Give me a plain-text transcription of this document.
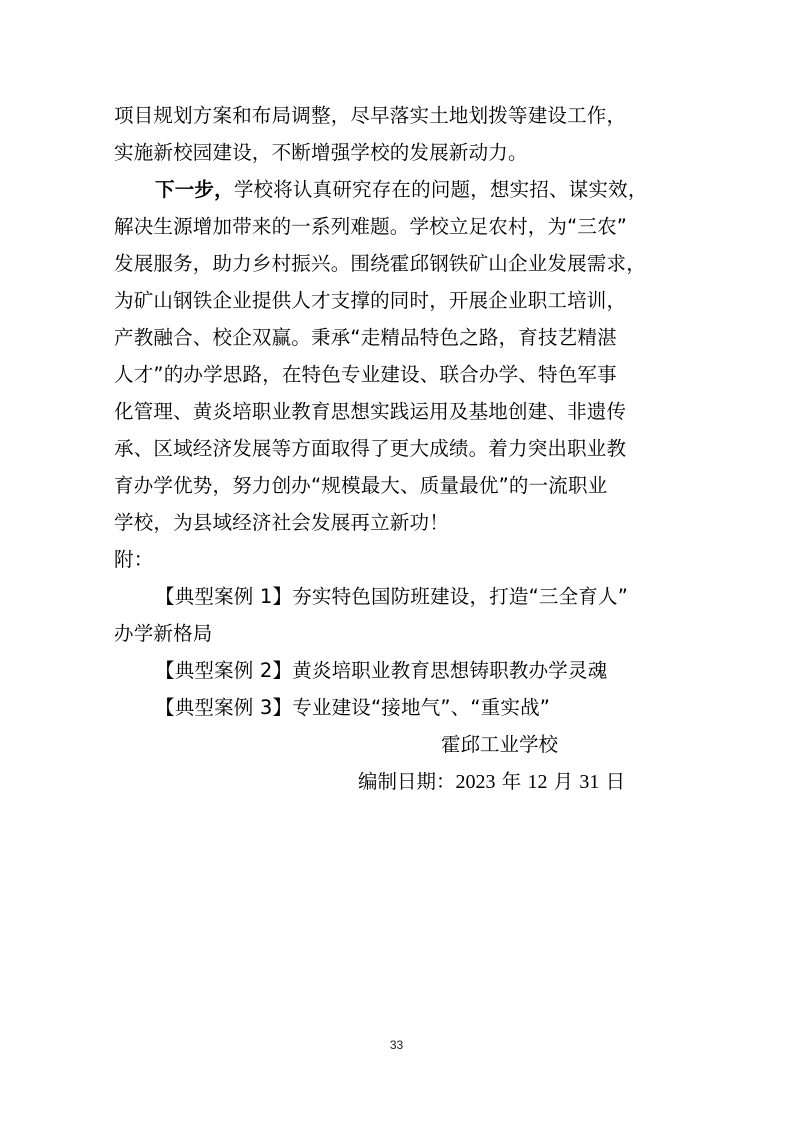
项目规划方案和布局调整，尽早落实土地划拨等建设工作，
实施新校园建设，不断增强学校的发展新动力。
下一步，学校将认真研究存在的问题，想实招、谋实效，
解决生源增加带来的一系列难题。学校立足农村，为“三农”
发展服务，助力乡村振兴。围绕霍邱钢铁矿山企业发展需求，
为矿山钢铁企业提供人才支撑的同时，开展企业职工培训，
产教融合、校企双赢。秉承“走精品特色之路，育技艺精湛
人才”的办学思路，在特色专业建设、联合办学、特色军事
化管理、黄炎培职业教育思想实践运用及基地创建、非遗传
承、区域经济发展等方面取得了更大成绩。着力突出职业教
育办学优势，努力创办“规模最大、质量最优”的一流职业
学校，为县域经济社会发展再立新功！
附：
【典型案例 1】夯实特色国防班建设，打造“三全育人”
办学新格局
【典型案例 2】黄炎培职业教育思想铸职教办学灵魂
【典型案例 3】专业建设“接地气”、“重实战”
霍邱工业学校
编制日期：2023 年 12 月 31 日
33
